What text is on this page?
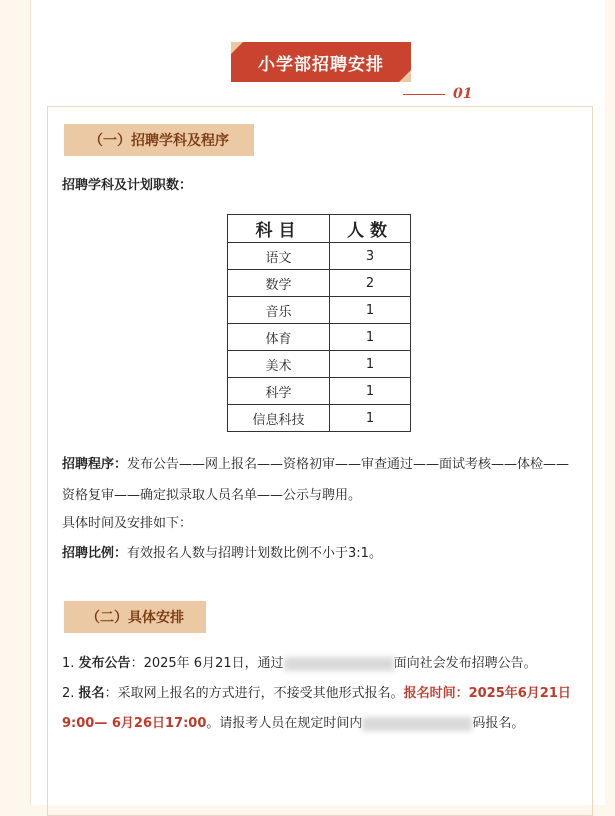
小学部招聘安排
01
（一）招聘学科及程序
招聘学科及计划职数：
科目	人数
语文	3
数学	2
音乐	1
体育	1
美术	1
科学	1
信息科技	1
招聘程序：发布公告——网上报名——资格初审——审查通过——面试考核——体检——资格复审——确定拟录取人员名单——公示与聘用。
具体时间及安排如下：
招聘比例：有效报名人数与招聘计划数比例不小于3:1。
（二）具体安排
1. 发布公告：2025年 6月21日，通过	面向社会发布招聘公告。
2. 报名：采取网上报名的方式进行，不接受其他形式报名。报名时间：2025年6月21日9:00— 6月26日17:00。请报考人员在规定时间内	码报名。
